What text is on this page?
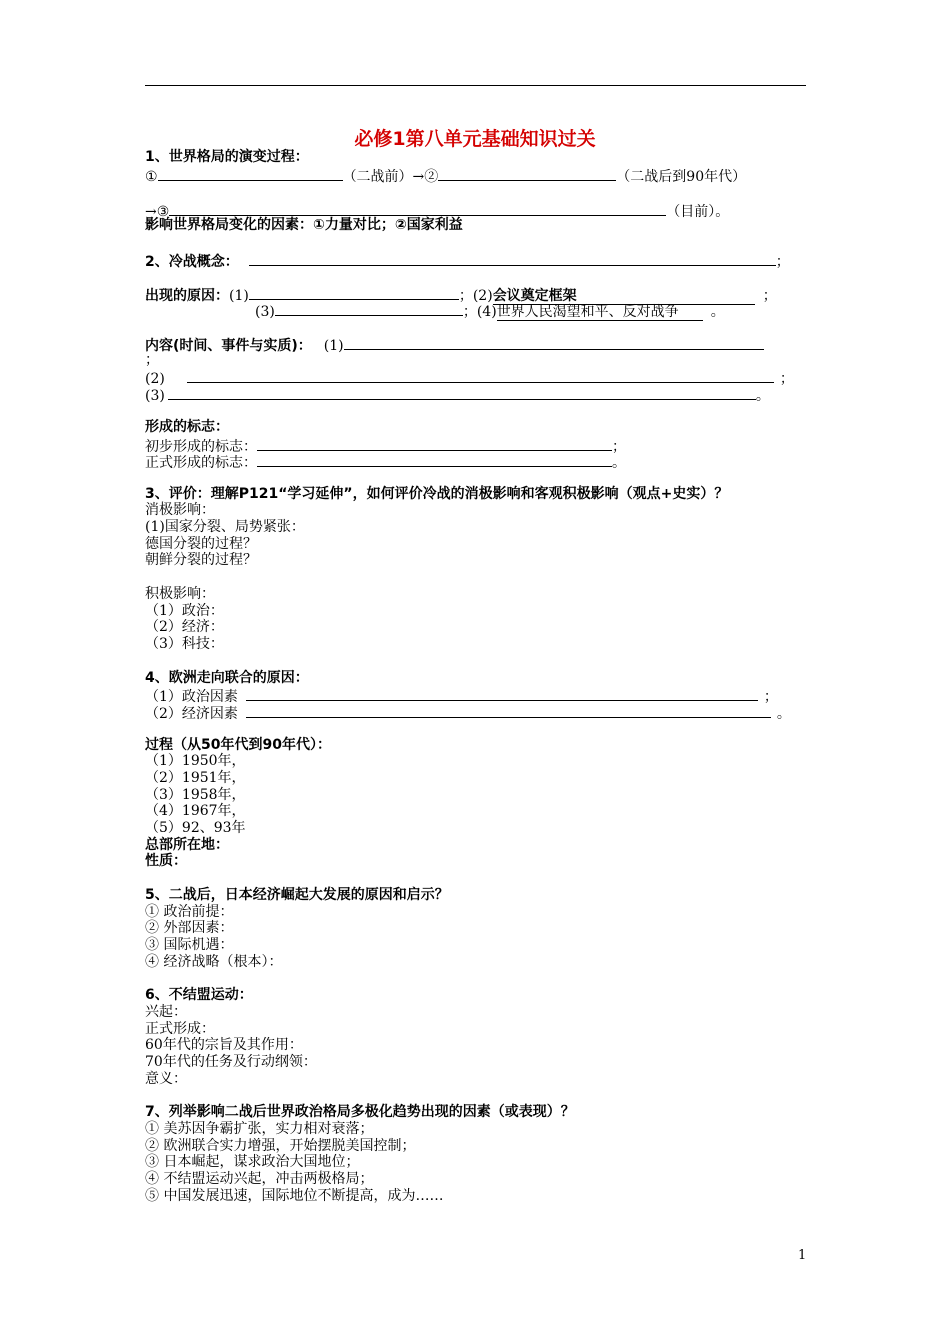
必修1第八单元基础知识过关
1、世界格局的演变过程：
①	（二战前）→②	（二战后到90年代）
→③	（目前）。
影响世界格局变化的因素：①力量对比；②国家利益
2、冷战概念：	；
出现的原因：(1)	；(2)会议奠定框架	；
(3)	；(4)世界人民渴望和平、反对战争 。
内容(时间、事件与实质)： (1)
；
(2)	；
(3)	。
形成的标志：
初步形成的标志：	；
正式形成的标志：	。
3、评价：理解P121“学习延伸”，如何评价冷战的消极影响和客观积极影响（观点+史实）？
消极影响：
(1)国家分裂、局势紧张：
德国分裂的过程？
朝鲜分裂的过程？
积极影响：
（1）政治：
（2）经济：
（3）科技：
4、欧洲走向联合的原因：
（1）政治因素	；
（2）经济因素	。
过程（从50年代到90年代）：
（1）1950年，
（2）1951年，
（3）1958年，
（4）1967年，
（5）92、93年
总部所在地：
性质：
5、二战后，日本经济崛起大发展的原因和启示？
① 政治前提：
② 外部因素：
③ 国际机遇：
④ 经济战略（根本）：
6、不结盟运动：
兴起：
正式形成：
60年代的宗旨及其作用：
70年代的任务及行动纲领：
意义：
7、列举影响二战后世界政治格局多极化趋势出现的因素（或表现）？
① 美苏因争霸扩张，实力相对衰落；
② 欧洲联合实力增强，开始摆脱美国控制；
③ 日本崛起，谋求政治大国地位；
④ 不结盟运动兴起，冲击两极格局；
⑤ 中国发展迅速，国际地位不断提高，成为……
1
